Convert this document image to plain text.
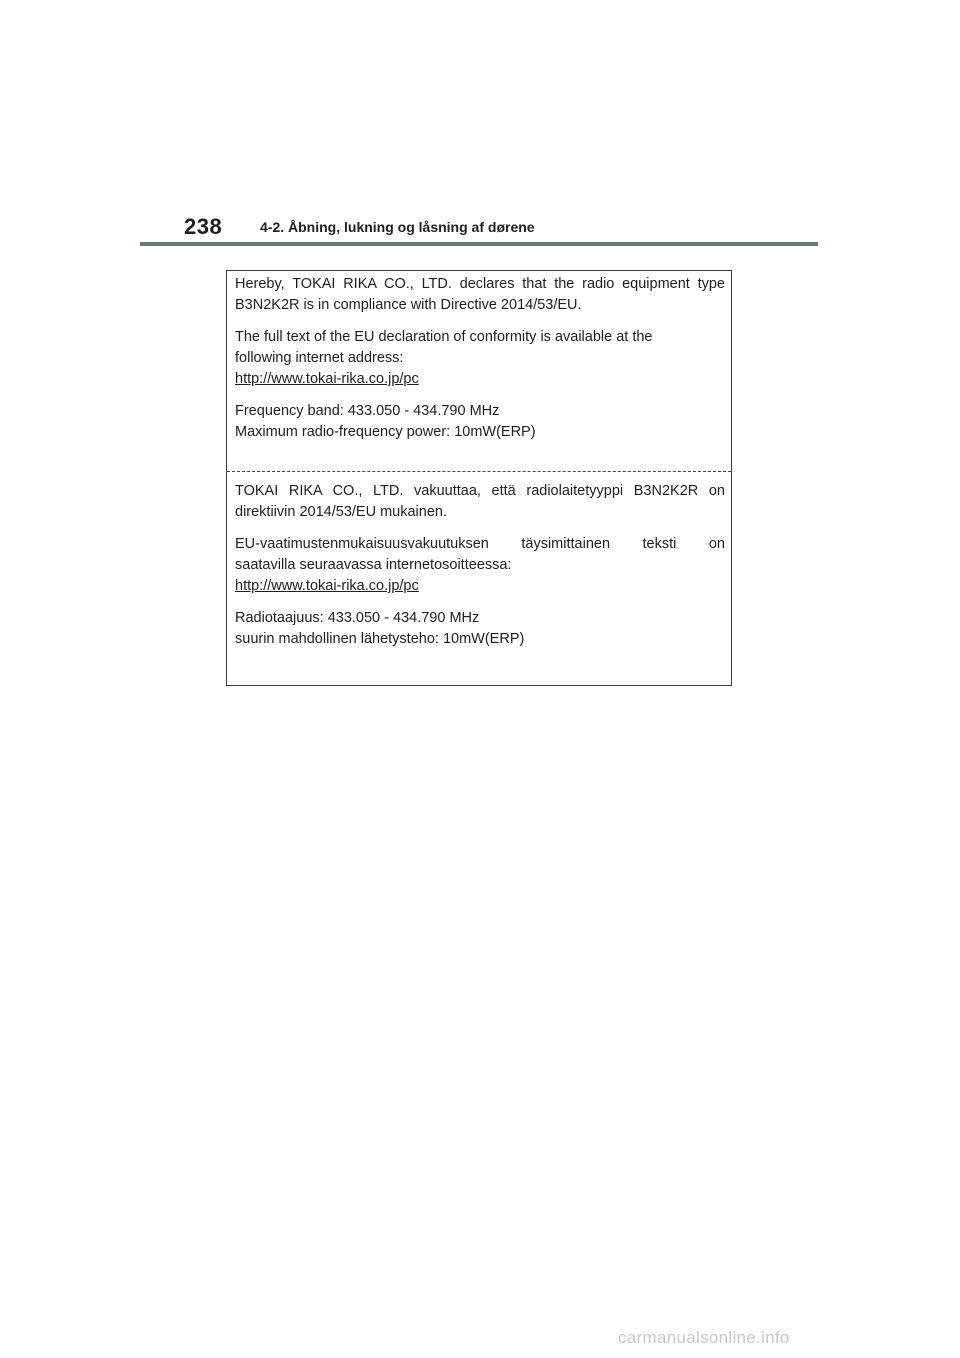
238	4-2. Åbning, lukning og låsning af dørene

Hereby, TOKAI RIKA CO., LTD. declares that the radio equipment type
B3N2K2R is in compliance with Directive 2014/53/EU.

The full text of the EU declaration of conformity is available at the
following internet address:
http://www.tokai-rika.co.jp/pc

Frequency band: 433.050 - 434.790 MHz
Maximum radio-frequency power: 10mW(ERP)

TOKAI RIKA CO., LTD. vakuuttaa, että radiolaitetyyppi B3N2K2R on
direktiivin 2014/53/EU mukainen.

EU-vaatimustenmukaisuusvakuutuksen täysimittainen teksti on
saatavilla seuraavassa internetosoitteessa:
http://www.tokai-rika.co.jp/pc

Radiotaajuus: 433.050 - 434.790 MHz
suurin mahdollinen lähetysteho: 10mW(ERP)

carmanualsonline.info
